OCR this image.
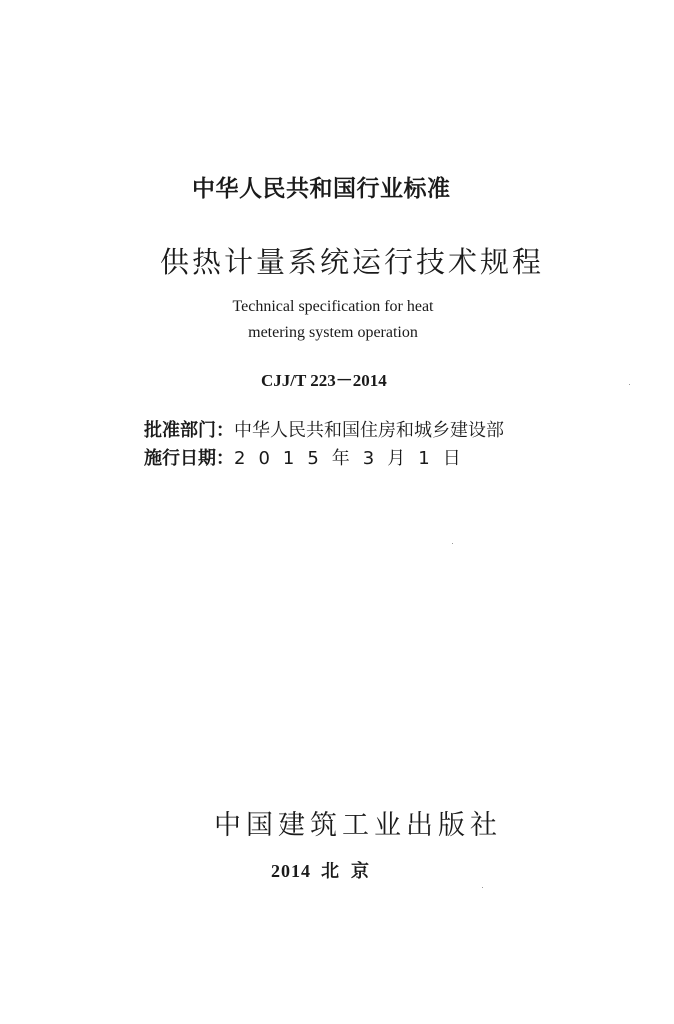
中华人民共和国行业标准
供热计量系统运行技术规程
Technical specification for heat
metering system operation
CJJ/T 223－2014
批准部门：中华人民共和国住房和城乡建设部
施行日期：2015年3月1日
中国建筑工业出版社
2014 北京
